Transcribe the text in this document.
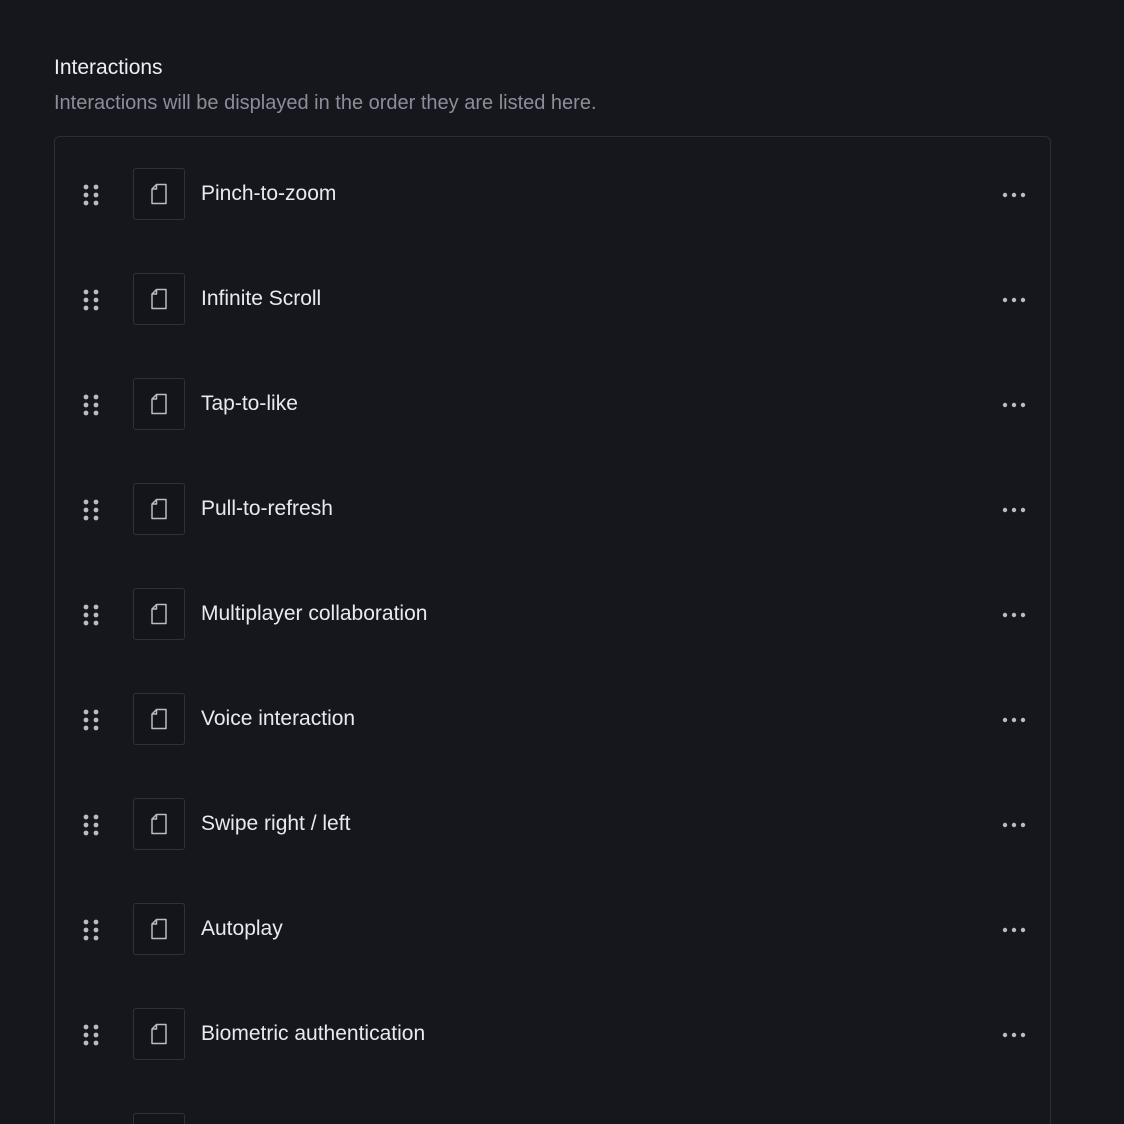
Interactions

Interactions will be displayed in the order they are listed here.

Pinch-to-zoom
Infinite Scroll
Tap-to-like
Pull-to-refresh
Multiplayer collaboration
Voice interaction
Swipe right / left
Autoplay
Biometric authentication
